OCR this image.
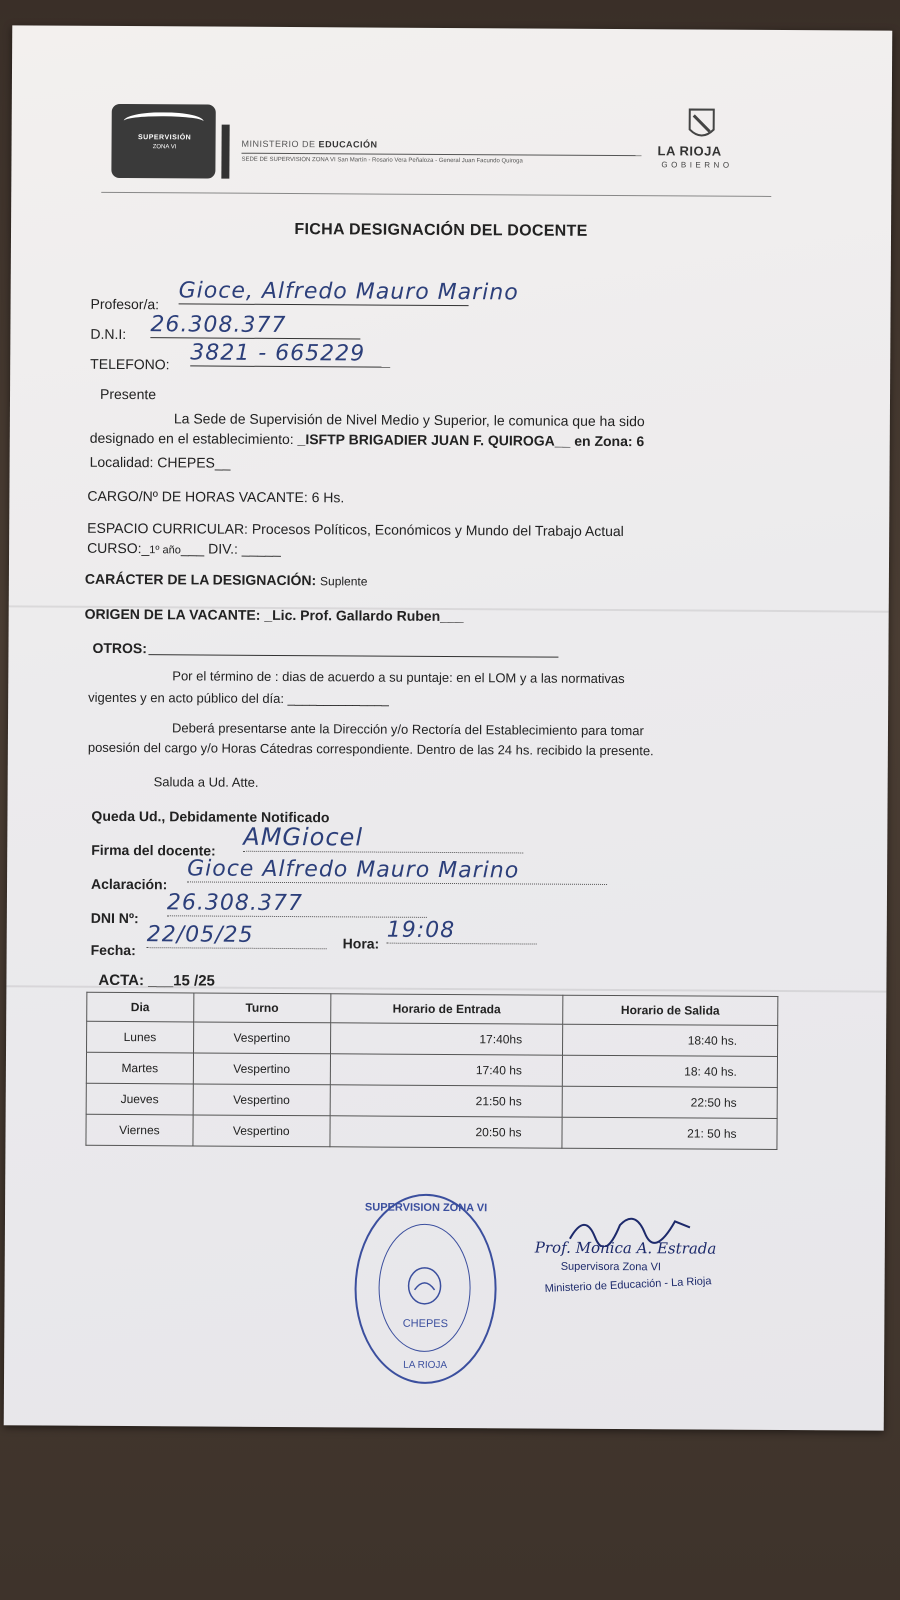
SUPERVISIÓN
ZONA VI	MINISTERIO DE EDUCACIÓN
SEDE DE SUPERVISIÓN ZONA VI San Martín - Rosario Vera Peñaloza - General Juan Facundo Quiroga
LA RIOJA
GOBIERNO
FICHA DESIGNACIÓN DEL DOCENTE
Profesor/a: Gioce, Alfredo Mauro Marino
D.N.I: 26.308.377
TELEFONO: 3821 - 665229
Presente
La Sede de Supervisión de Nivel Medio y Superior, le comunica que ha sido
designado en el establecimiento: _ISFTP BRIGADIER JUAN F. QUIROGA__ en Zona: 6
Localidad: CHEPES__
CARGO/Nº DE HORAS VACANTE: 6 Hs.
ESPACIO CURRICULAR: Procesos Políticos, Económicos y Mundo del Trabajo Actual
CURSO:_1º año___ DIV.: _____
CARÁCTER DE LA DESIGNACIÓN: Suplente
ORIGEN DE LA VACANTE: _Lic. Prof. Gallardo Ruben___
OTROS:
Por el término de : dias de acuerdo a su puntaje: en el LOM y a las normativas
vigentes y en acto público del día: ______________
Deberá presentarse ante la Dirección y/o Rectoría del Establecimiento para tomar
posesión del cargo y/o Horas Cátedras correspondiente. Dentro de las 24 hs. recibido la presente.
Saluda a Ud. Atte.
Queda Ud., Debidamente Notificado
Firma del docente: AMGiocel
Aclaración:
Gioce Alfredo Mauro Marino
DNI Nº:
26.308.377
Fecha:
22/05/25	Hora:
19:08
ACTA: ___15 /25
Dia	Turno	Horario de Entrada	Horario de Salida
Lunes	Vespertino	17:40hs	18:40 hs.
Martes	Vespertino	17:40 hs	18: 40 hs.
Jueves	Vespertino	21:50 hs	22:50 hs
Viernes	Vespertino	20:50 hs	21: 50 hs
SUPERVISION ZONA VI
CHEPES
LA RIOJA
Prof. Monica A. Estrada
Supervisora Zona VI
Ministerio de Educación - La Rioja
